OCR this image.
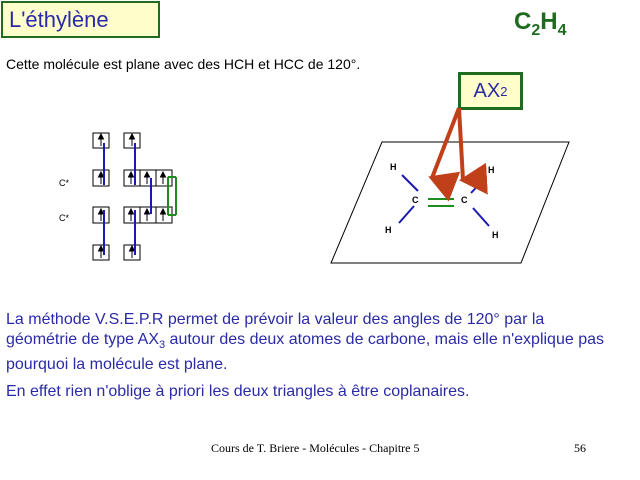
L'éthylène	$C_2H_4$
Cette molécule est plane avec des HCH et HCC de 120°.
AX 2
C*
C*
H	H
H	H
C	C
La méthode V.S.E.P.R permet de prévoir la valeur des angles de 120° par la géométrie de type $AX_3$ autour des deux atomes de carbone, mais elle n'explique pas pourquoi la molécule est plane.
En effet rien n'oblige à priori les deux triangles à être coplanaires.
Cours de T. Briere - Molécules - Chapitre 5	56
